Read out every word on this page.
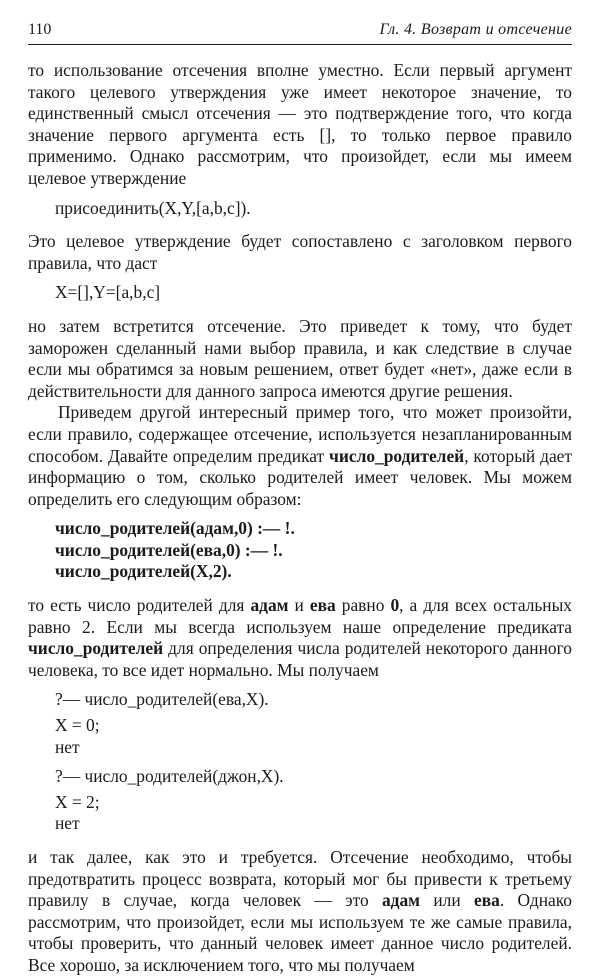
110	Гл. 4. Возврат и отсечение

то использование отсечения вполне уместно. Если первый аргумент такого целевого утверждения уже имеет некоторое значение, то единственный смысл отсечения — это подтверждение того, что когда значение первого аргумента есть [], то только первое правило применимо. Однако рассмотрим, что произойдет, если мы имеем целевое утверждение

присоединить(X,Y,[a,b,c]).

Это целевое утверждение будет сопоставлено с заголовком первого правила, что даст

X=[],Y=[a,b,c]

но затем встретится отсечение. Это приведет к тому, что будет заморожен сделанный нами выбор правила, и как следствие в случае если мы обратимся за новым решением, ответ будет «нет», даже если в действительности для данного запроса имеются другие решения.

Приведем другой интересный пример того, что может произойти, если правило, содержащее отсечение, используется незапланированным способом. Давайте определим предикат число_родителей, который дает информацию о том, сколько родителей имеет человек. Мы можем определить его следующим образом:

число_родителей(адам,0) :— !.

число_родителей(ева,0) :— !.

число_родителей(X,2).

то есть число родителей для адам и ева равно 0, а для всех остальных равно 2. Если мы всегда используем наше определение предиката число_родителей для определения числа родителей некоторого данного человека, то все идет нормально. Мы получаем

?— число_родителей(ева,X).

X = 0;

нет

?— число_родителей(джон,X).

X = 2;

нет

и так далее, как это и требуется. Отсечение необходимо, чтобы предотвратить процесс возврата, который мог бы привести к третьему правилу в случае, когда человек — это адам или ева. Однако рассмотрим, что произойдет, если мы используем те же самые правила, чтобы проверить, что данный человек имеет данное число родителей. Все хорошо, за исключением того, что мы получаем
